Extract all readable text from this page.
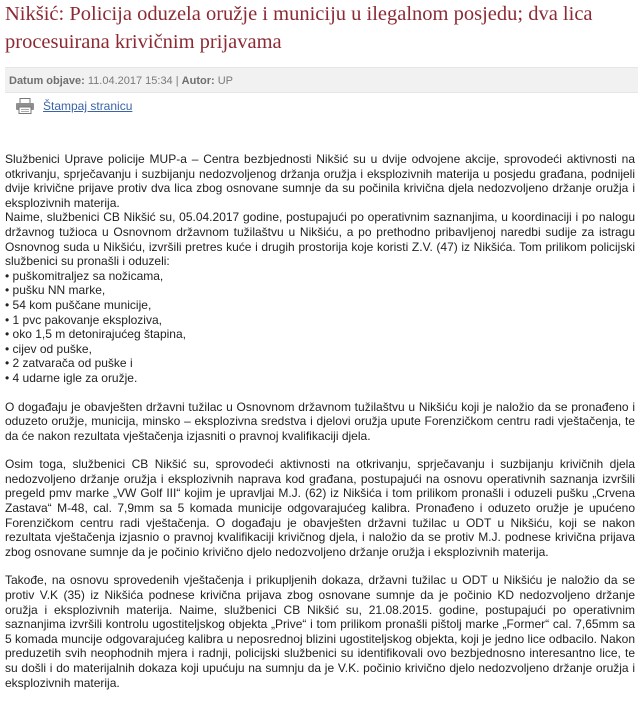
Nikšić: Policija oduzela oružje i municiju u ilegalnom posjedu; dva lica procesuirana krivičnim prijavama
Datum objave: 11.04.2017 15:34 | Autor: UP
Štampaj stranicu

Službenici Uprave policije MUP-a – Centra bezbjednosti Nikšić su u dvije odvojene akcije, sprovodeći aktivnosti na otkrivanju, sprječavanju i suzbijanju nedozvoljenog držanja oružja i eksplozivnih materija u posjedu građana, podnijeli dvije krivične prijave protiv dva lica zbog osnovane sumnje da su počinila krivična djela nedozvoljeno držanje oružja i eksplozivnih materija.

Naime, službenici CB Nikšić su, 05.04.2017 godine, postupajući po operativnim saznanjima, u koordinaciji i po nalogu državnog tužioca u Osnovnom državnom tužilaštvu u Nikšiću, a po prethodno pribavljenoj naredbi sudije za istragu Osnovnog suda u Nikšiću, izvršili pretres kuće i drugih prostorija koje koristi Z.V. (47) iz Nikšića. Tom prilikom policijski službenici su pronašli i oduzeli:

• puškomitraljez sa nožicama,
• pušku NN marke,
• 54 kom puščane municije,
• 1 pvc pakovanje eksploziva,
• oko 1,5 m detonirajućeg štapina,
• cijev od puške,
• 2 zatvarača od puške i
• 4 udarne igle za oružje.

O događaju je obavješten državni tužilac u Osnovnom državnom tužilaštvu u Nikšiću koji je naložio da se pronađeno i oduzeto oružje, municija, minsko – eksplozivna sredstva i djelovi oružja upute Forenzičkom centru radi vještačenja, te da će nakon rezultata vještačenja izjasniti o pravnoj kvalifikaciji djela.

Osim toga, službenici CB Nikšić su, sprovodeći aktivnosti na otkrivanju, sprječavanju i suzbijanju krivičnih djela nedozvoljeno držanje oružja i eksplozivnih naprava kod građana, postupajući na osnovu operativnih saznanja izvršili pregeld pmv marke „VW Golf III“ kojim je upravljai M.J. (62) iz Nikšića i tom prilikom pronašli i oduzeli pušku „Crvena Zastava“ M-48, cal. 7,9mm sa 5 komada municije odgovarajućeg kalibra. Pronađeno i oduzeto oružje je upućeno Forenzičkom centru radi vještačenja. O događaju je obavješten državni tužilac u ODT u Nikšiću, koji se nakon rezultata vještačenja izjasnio o pravnoj kvalifikaciji krivičnog djela, i naložio da se protiv M.J. podnese krivična prijava zbog osnovane sumnje da je počinio krivično djelo nedozvoljeno držanje oružja i eksplozivnih materija.

Takođe, na osnovu sprovedenih vještačenja i prikupljenih dokaza, državni tužilac u ODT u Nikšiću je naložio da se protiv V.K (35) iz Nikšića podnese krivična prijava zbog osnovane sumnje da je počinio KD nedozvoljeno držanje oružja i eksplozivnih materija. Naime, službenici CB Nikšić su, 21.08.2015. godine, postupajući po operativnim saznanjima izvršili kontrolu ugostiteljskog objekta „Prive“ i tom prilikom pronašli pištolj marke „Former“ cal. 7,65mm sa 5 komada muncije odgovarajućeg kalibra u neposrednoj blizini ugostiteljskog objekta, koji je jedno lice odbacilo. Nakon preduzetih svih neophodnih mjera i radnji, policijski službenici su identifikovali ovo bezbjednosno interesantno lice, te su došli i do materijalnih dokaza koji upućuju na sumnju da je V.K. počinio krivično djelo nedozvoljeno držanje oružja i eksplozivnih materija.
